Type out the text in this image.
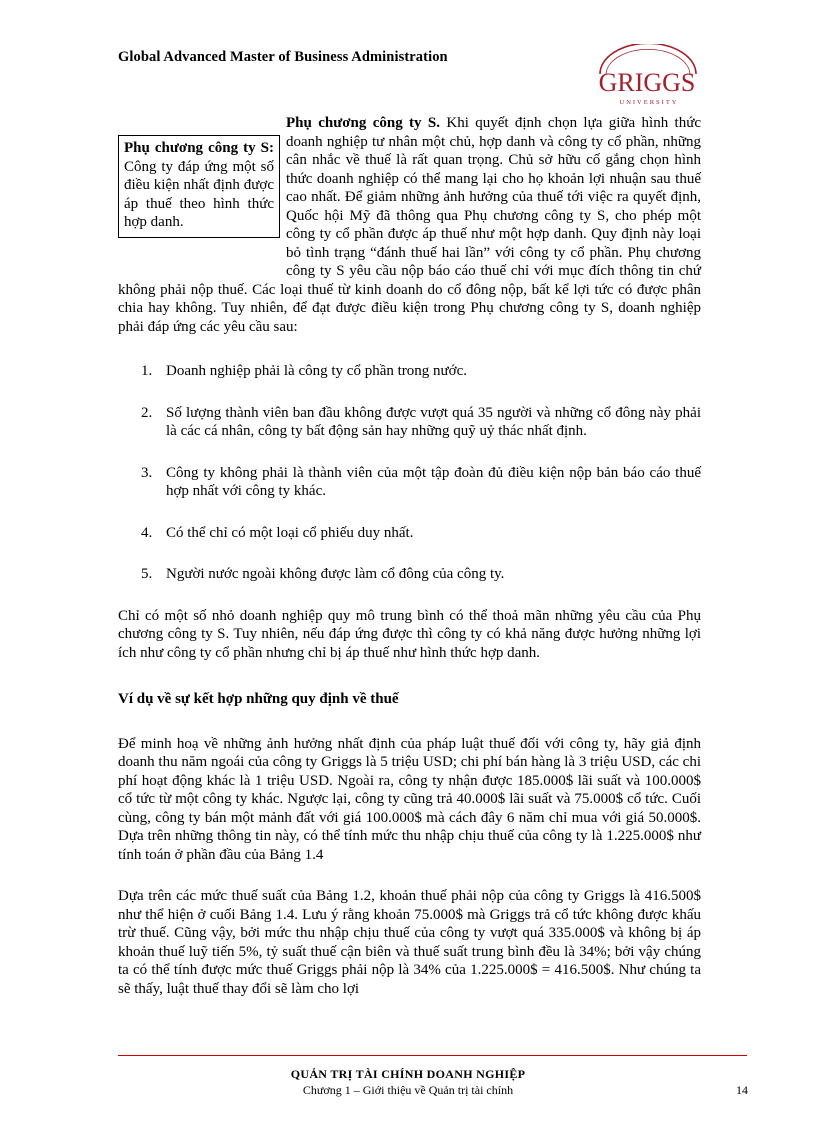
Global Advanced Master of Business Administration
GRIGGS
UNIVERSITY
Phụ chương công ty S: Công ty đáp ứng một số điều kiện nhất định được áp thuế theo hình thức hợp danh.

Phụ chương công ty S. Khi quyết định chọn lựa giữa hình thức doanh nghiệp tư nhân một chủ, hợp danh và công ty cổ phần, những cân nhắc về thuế là rất quan trọng. Chủ sở hữu cố gắng chọn hình thức doanh nghiệp có thể mang lại cho họ khoản lợi nhuận sau thuế cao nhất. Để giảm những ảnh hưởng của thuế tới việc ra quyết định, Quốc hội Mỹ đã thông qua Phụ chương công ty S, cho phép một công ty cổ phần được áp thuế như một hợp danh. Quy định này loại bỏ tình trạng “đánh thuế hai lần” với công ty cổ phần. Phụ chương công ty S yêu cầu nộp báo cáo thuế chỉ với mục đích thông tin chứ không phải nộp thuế. Các loại thuế từ kinh doanh do cổ đông nộp, bất kể lợi tức có được phân chia hay không. Tuy nhiên, để đạt được điều kiện trong Phụ chương công ty S, doanh nghiệp phải đáp ứng các yêu cầu sau:

1. Doanh nghiệp phải là công ty cổ phần trong nước.
2. Số lượng thành viên ban đầu không được vượt quá 35 người và những cổ đông này phải là các cá nhân, công ty bất động sản hay những quỹ uỷ thác nhất định.
3. Công ty không phải là thành viên của một tập đoàn đủ điều kiện nộp bản báo cáo thuế hợp nhất với công ty khác.
4. Có thể chỉ có một loại cổ phiếu duy nhất.
5. Người nước ngoài không được làm cổ đông của công ty.

Chỉ có một số nhỏ doanh nghiệp quy mô trung bình có thể thoả mãn những yêu cầu của Phụ chương công ty S. Tuy nhiên, nếu đáp ứng được thì công ty có khả năng được hưởng những lợi ích như công ty cổ phần nhưng chỉ bị áp thuế như hình thức hợp danh.

Ví dụ về sự kết hợp những quy định về thuế

Để minh hoạ về những ảnh hưởng nhất định của pháp luật thuế đối với công ty, hãy giả định doanh thu năm ngoái của công ty Griggs là 5 triệu USD; chi phí bán hàng là 3 triệu USD, các chi phí hoạt động khác là 1 triệu USD. Ngoài ra, công ty nhận được 185.000$ lãi suất và 100.000$ cổ tức từ một công ty khác. Ngược lại, công ty cũng trả 40.000$ lãi suất và 75.000$ cổ tức. Cuối cùng, công ty bán một mảnh đất với giá 100.000$ mà cách đây 6 năm chỉ mua với giá 50.000$. Dựa trên những thông tin này, có thể tính mức thu nhập chịu thuế của công ty là 1.225.000$ như tính toán ở phần đầu của Bảng 1.4

Dựa trên các mức thuế suất của Bảng 1.2, khoản thuế phải nộp của công ty Griggs là 416.500$ như thể hiện ở cuối Bảng 1.4. Lưu ý rằng khoản 75.000$ mà Griggs trả cổ tức không được khấu trừ thuế. Cũng vậy, bởi mức thu nhập chịu thuế của công ty vượt quá 335.000$ và không bị áp khoản thuế luỹ tiến 5%, tỷ suất thuế cận biên và thuế suất trung bình đều là 34%; bởi vậy chúng ta có thể tính được mức thuế Griggs phải nộp là 34% của 1.225.000$ = 416.500$. Như chúng ta sẽ thấy, luật thuế thay đổi sẽ làm cho lợi

QUẢN TRỊ TÀI CHÍNH DOANH NGHIỆP
Chương 1 – Giới thiệu về Quản trị tài chính	14
